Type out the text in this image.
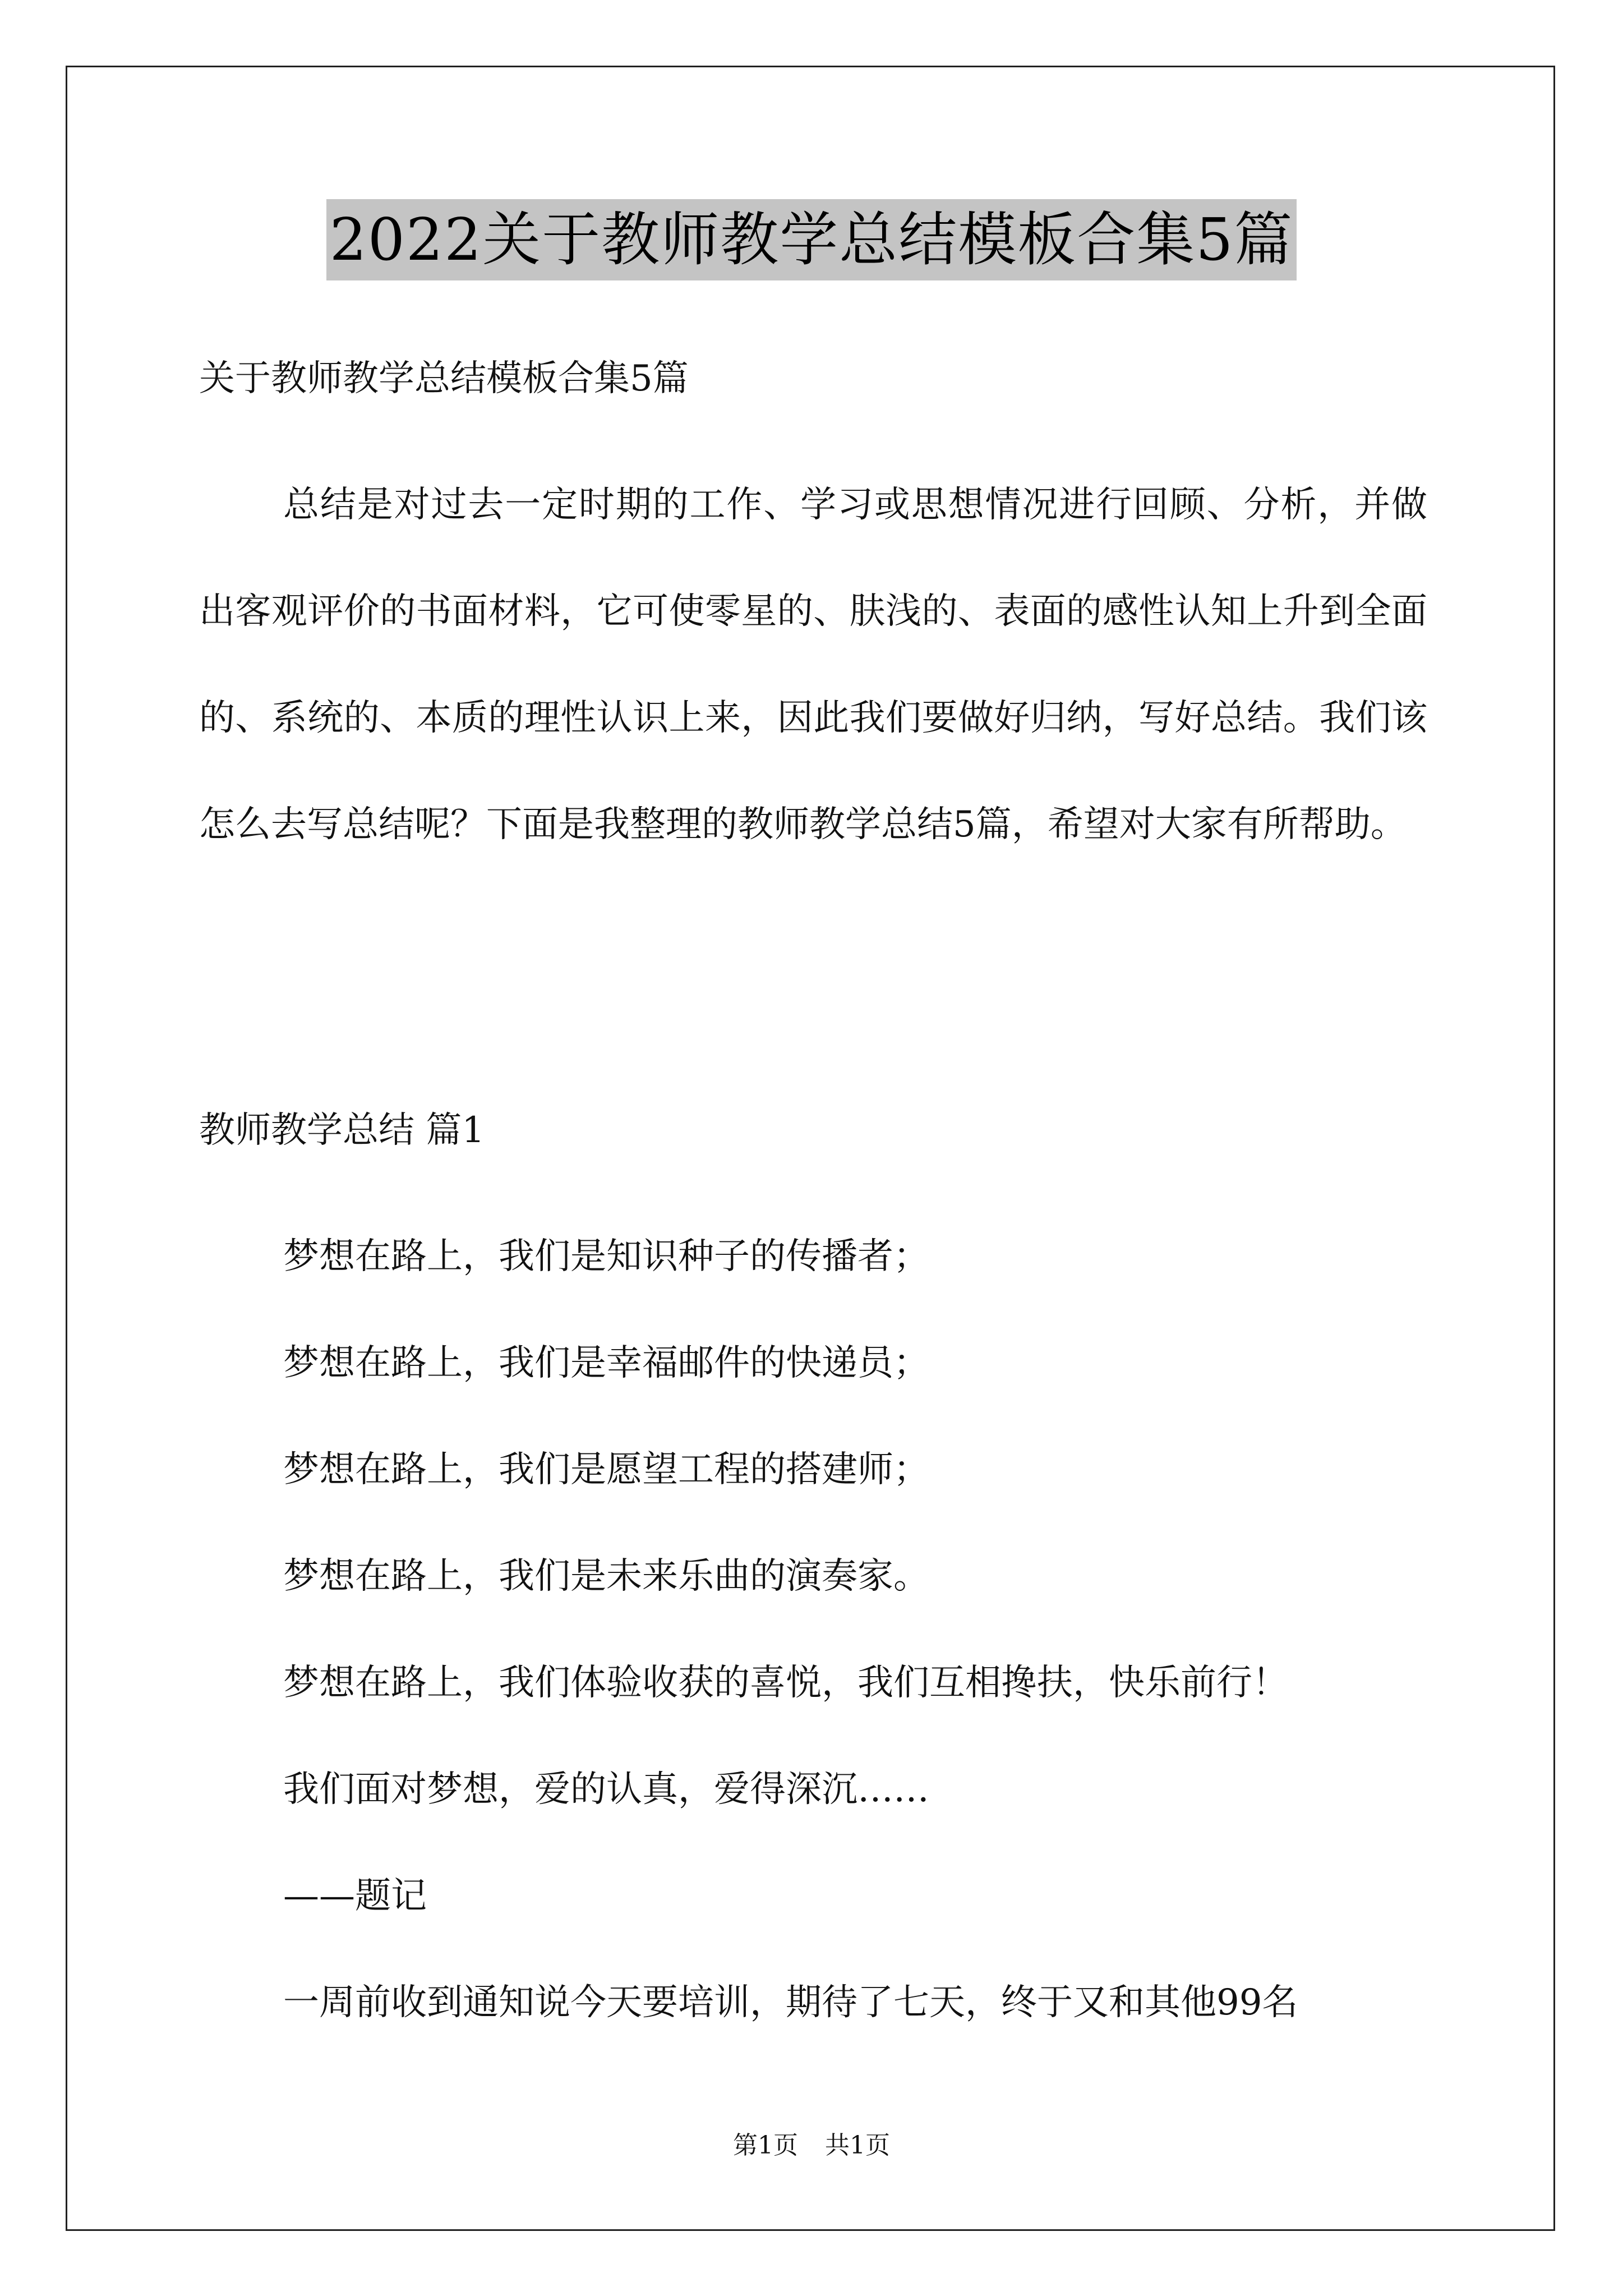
2022关于教师教学总结模板合集5篇
关于教师教学总结模板合集5篇

总结是对过去一定时期的工作、学习或思想情况进行回顾、分析，并做出客观评价的书面材料，它可使零星的、肤浅的、表面的感性认知上升到全面的、系统的、本质的理性认识上来，因此我们要做好归纳，写好总结。我们该怎么去写总结呢？下面是我整理的教师教学总结5篇，希望对大家有所帮助。

教师教学总结 篇1
梦想在路上，我们是知识种子的传播者；
梦想在路上，我们是幸福邮件的快递员；
梦想在路上，我们是愿望工程的搭建师；
梦想在路上，我们是未来乐曲的演奏家。
梦想在路上，我们体验收获的喜悦，我们互相搀扶，快乐前行！
我们面对梦想，爱的认真，爱得深沉……
——题记
一周前收到通知说今天要培训，期待了七天，终于又和其他99名
第1页 共1页
